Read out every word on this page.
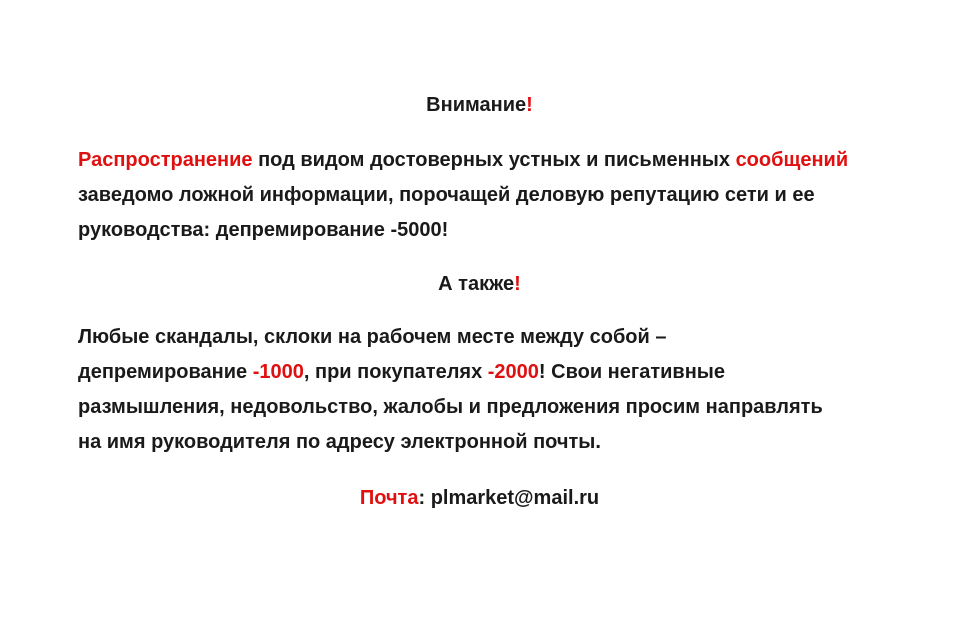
Внимание!
Распространение под видом достоверных устных и письменных сообщений
заведомо ложной информации, порочащей деловую репутацию сети и ее
руководства: депремирование -5000!
А также!
Любые скандалы, склоки на рабочем месте между собой –
депремирование -1000, при покупателях -2000! Свои негативные
размышления, недовольство, жалобы и предложения просим направлять
на имя руководителя по адресу электронной почты.
Почта: plmarket@mail.ru
